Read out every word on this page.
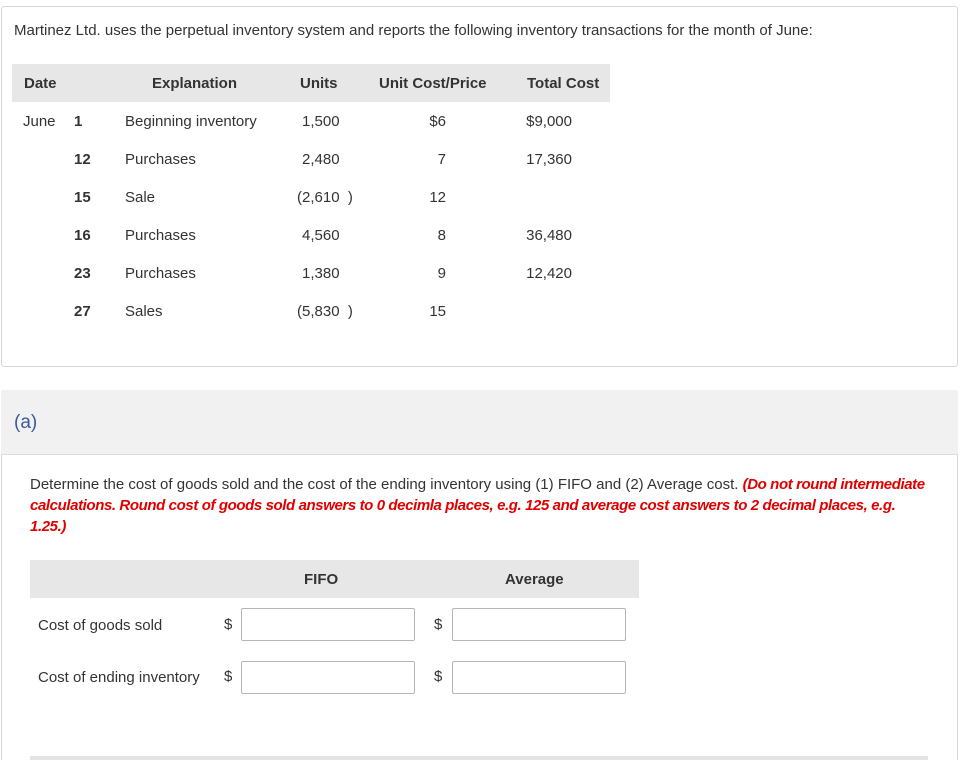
Martinez Ltd. uses the perpetual inventory system and reports the following inventory transactions for the month of June:
Date	Explanation	Units	Unit Cost/Price	Total Cost
June 1	Beginning inventory	1,500	$6	$9,000
12 Purchases	2,480	7	17,360
15 Sale	(2,610  )	12
16 Purchases	4,560	8	36,480
23 Purchases	1,380	9	12,420
27 Sales	(5,830  )	15
(a)
Determine the cost of goods sold and the cost of the ending inventory using (1) FIFO and (2) Average cost. (Do not round intermediate calculations. Round cost of goods sold answers to 0 decimla places, e.g. 125 and average cost answers to 2 decimal places, e.g. 1.25.)
FIFO	Average
Cost of goods sold	$	$
Cost of ending inventory $	$
